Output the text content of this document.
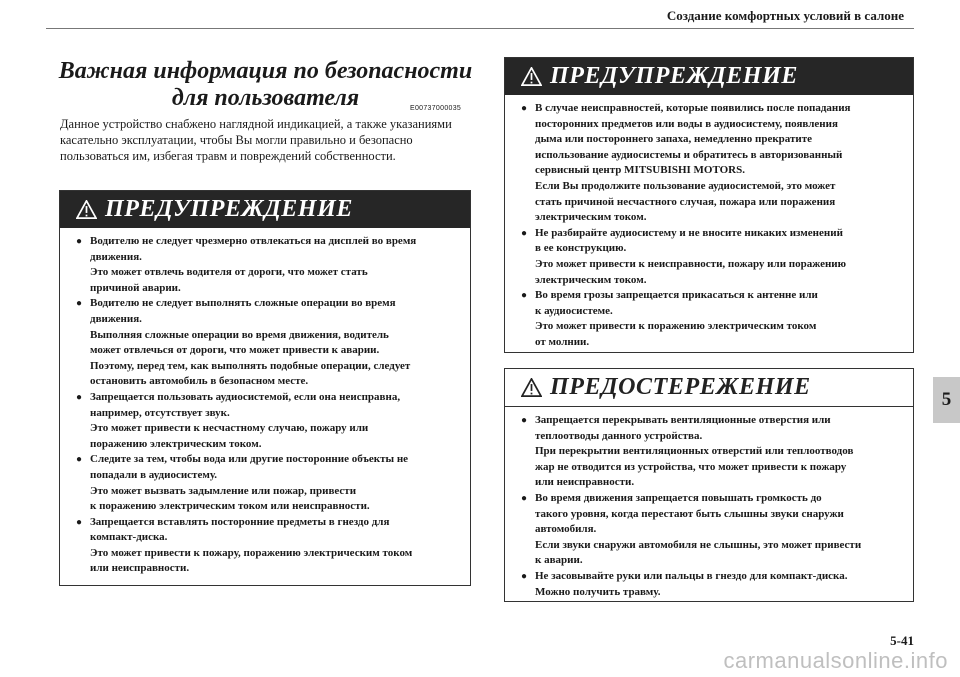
Создание комфортных условий в салоне
Важная информация по безопасности
для пользователя	E00737000035
Данное устройство снабжено наглядной индикацией, а также указаниями касательно эксплуатации, чтобы Вы могли правильно и безопасно пользоваться им, избегая травм и повреждений собственности.
ПРЕДУПРЕЖДЕНИЕ
● Водителю не следует чрезмерно отвлекаться на дисплей во время
движения.
Это может отвлечь водителя от дороги, что может стать
причиной аварии.
● Водителю не следует выполнять сложные операции во время
движения.
Выполняя сложные операции во время движения, водитель
может отвлечься от дороги, что может привести к аварии.
Поэтому, перед тем, как выполнять подобные операции, следует
остановить автомобиль в безопасном месте.
● Запрещается пользовать аудиосистемой, если она неисправна,
например, отсутствует звук.
Это может привести к несчастному случаю, пожару или
поражению электрическим током.
● Следите за тем, чтобы вода или другие посторонние объекты не
попадали в аудиосистему.
Это может вызвать задымление или пожар, привести
к поражению электрическим током или неисправности.
● Запрещается вставлять посторонние предметы в гнездо для
компакт-диска.
Это может привести к пожару, поражению электрическим током
или неисправности.
ПРЕДУПРЕЖДЕНИЕ
● В случае неисправностей, которые появились после попадания
посторонних предметов или воды в аудиосистему, появления
дыма или постороннего запаха, немедленно прекратите
использование аудиосистемы и обратитесь в авторизованный
сервисный центр MITSUBISHI MOTORS.
Если Вы продолжите пользование аудиосистемой, это может
стать причиной несчастного случая, пожара или поражения
электрическим током.
● Не разбирайте аудиосистему и не вносите никаких изменений
в ее конструкцию.
Это может привести к неисправности, пожару или поражению
электрическим током.
● Во время грозы запрещается прикасаться к антенне или
к аудиосистеме.
Это может привести к поражению электрическим током
от молнии.
ПРЕДОСТЕРЕЖЕНИЕ
● Запрещается перекрывать вентиляционные отверстия или
теплоотводы данного устройства.
При перекрытии вентиляционных отверстий или теплоотводов
жар не отводится из устройства, что может привести к пожару
или неисправности.
● Во время движения запрещается повышать громкость до
такого уровня, когда перестают быть слышны звуки снаружи
автомобиля.
Если звуки снаружи автомобиля не слышны, это может привести
к аварии.
● Не засовывайте руки или пальцы в гнездо для компакт-диска.
Можно получить травму.
5
5-41
carmanualsonline.info
